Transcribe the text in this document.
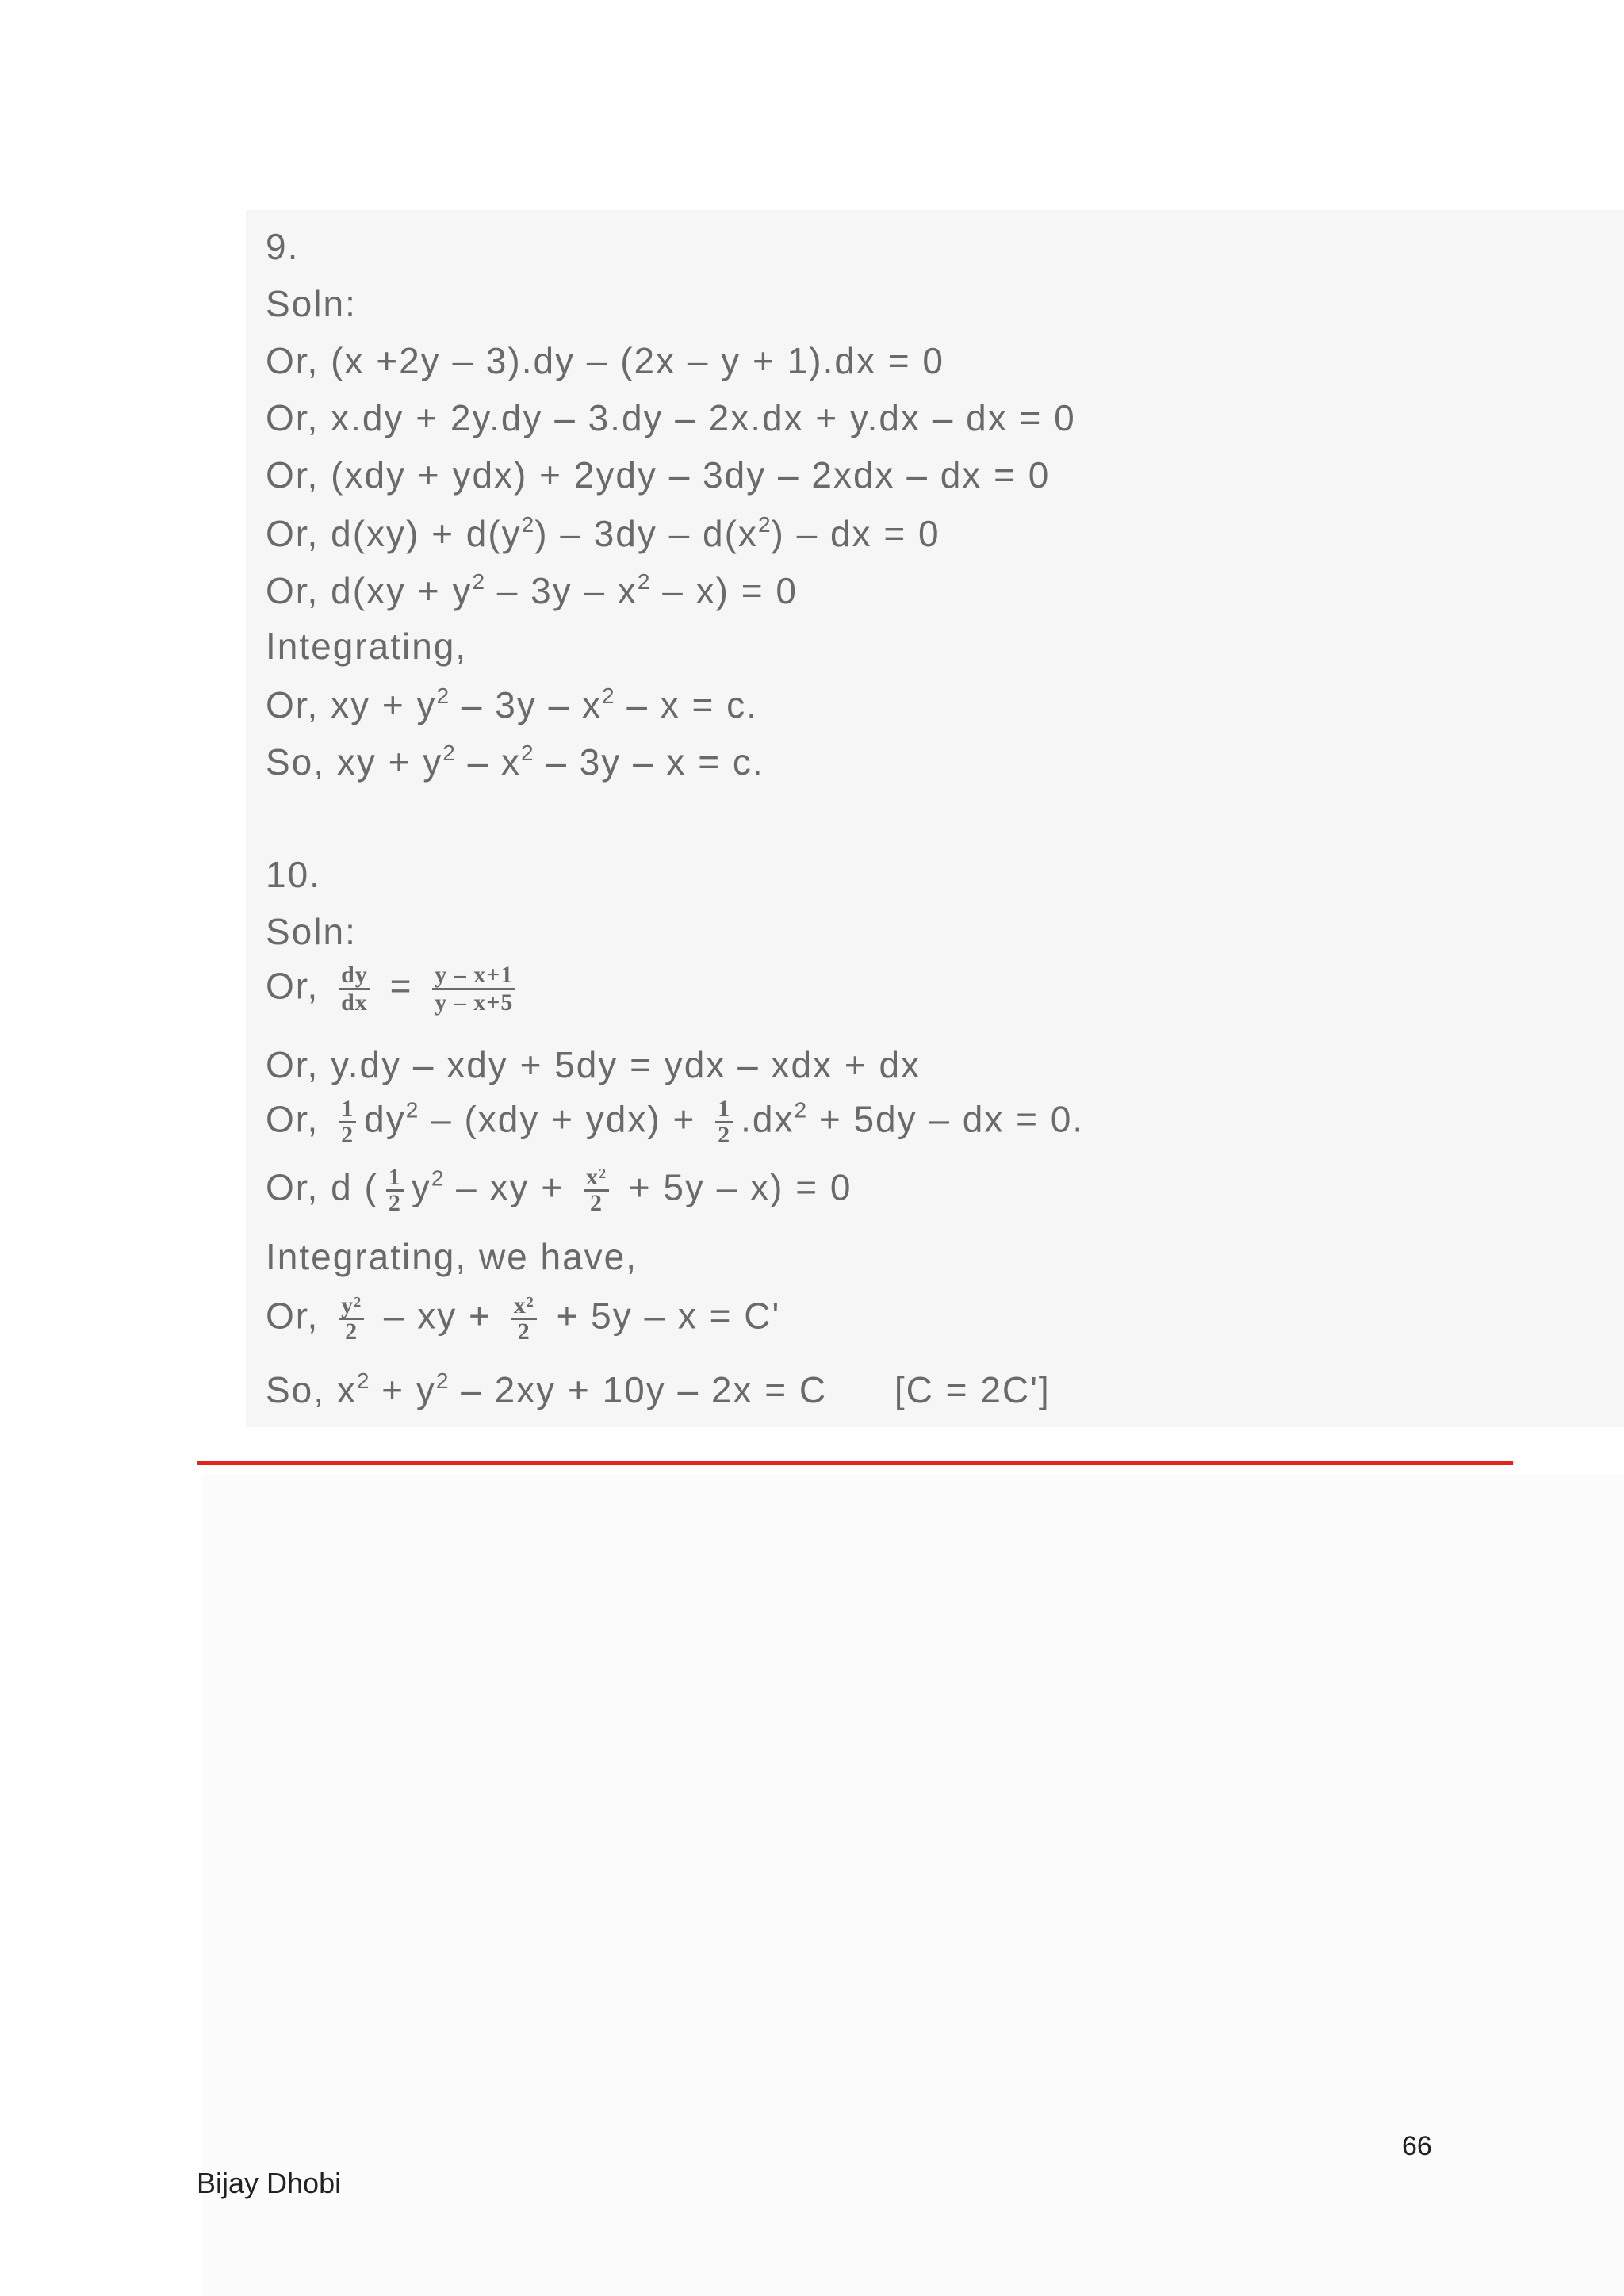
9.
Soln:
Or, (x +2y – 3).dy – (2x – y + 1).dx = 0
Or, x.dy + 2y.dy – 3.dy – 2x.dx + y.dx – dx = 0
Or, (xdy + ydx) + 2ydy – 3dy – 2xdx – dx = 0
Or, $d(xy) + d(y^2) - 3dy - d(x^2)$ – dx = 0
Or, $d(xy + y^2 - 3y - x^2 - x) = 0$
Integrating,
Or, xy + $y^2 - 3y - x^2 - x = c$.
So, xy + $y^2 - x^2 - 3y - x = c$.
10.
Soln:
Or, $\frac{dy}{dx} = \frac{y - x+1}{y - x+5}$
Or, y.dy – xdy + 5dy = ydx – xdx + dx
Or, $\frac{1}{2} dy^2 - (xdy + ydx) + \frac{1}{2} .dx^2 + 5dy$ – dx = 0.
Or, d ( $\frac{1}{2} y^2$ – xy + $\frac{\text{x²}}{2} + 5y - x) = 0$
Integrating, we have,
Or, $\frac{\text{y²}}{2}$ – xy + $\frac{\text{x²}}{2} + 5y - x = C'$
So, $x^2 + y^2 - 2xy + 10y - 2x = C$ [C = 2C']
66
Bijay Dhobi
